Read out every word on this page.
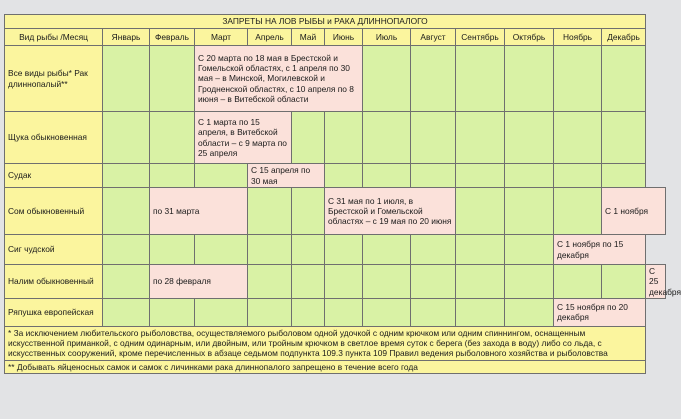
ЗАПРЕТЫ НА ЛОВ РЫБЫ и РАКА ДЛИННОПАЛОГО													
Вид рыбы /Месяц	Январь	Февраль	Март	Апрель	Май	Июнь	Июль	Август	Сентябрь	Октябрь	Ноябрь	Декабрь	
Все виды рыбы* Рак длиннопалый**			С 20 марта по 18 мая в Брестской и Гомельской областях, с 1 апреля по 30 мая – в Минской, Могилевской и Гродненской областях, с 10 апреля по 8 июня – в Витебской области										
Щука обыкновенная			С 1 марта по 15 апреля, в Витебской области – с 9 марта по 25 апреля										
Судак				С 15 апреля по 30 мая									
Сом обыкновенный		по 31 марта				С 31 мая по 1 июля, в Брестской и Гомельской областях – с 19 мая по 20 июня						С 1 ноября	
Сиг чудской											С 1 ноября по 15 декабря		
Налим обыкновенный		по 28 февраля											С 25 декабря
Ряпушка европейская											С 15 ноября по 20 декабря		
* За исключением любительского рыболовства, осуществляемого рыболовом одной удочкой с одним крючком или одним спиннингом, оснащенным искусственной приманкой, с одним одинарным, или двойным, или тройным крючком в светлое время суток с берега (без захода в воду) либо со льда, с искусственных сооружений, кроме перечисленных в абзаце седьмом подпункта 109.3 пункта 109 Правил ведения рыболовного хозяйства и рыболовства													
** Добывать яйценосных самок и самок с личинками рака длиннопалого запрещено в течение всего года													
